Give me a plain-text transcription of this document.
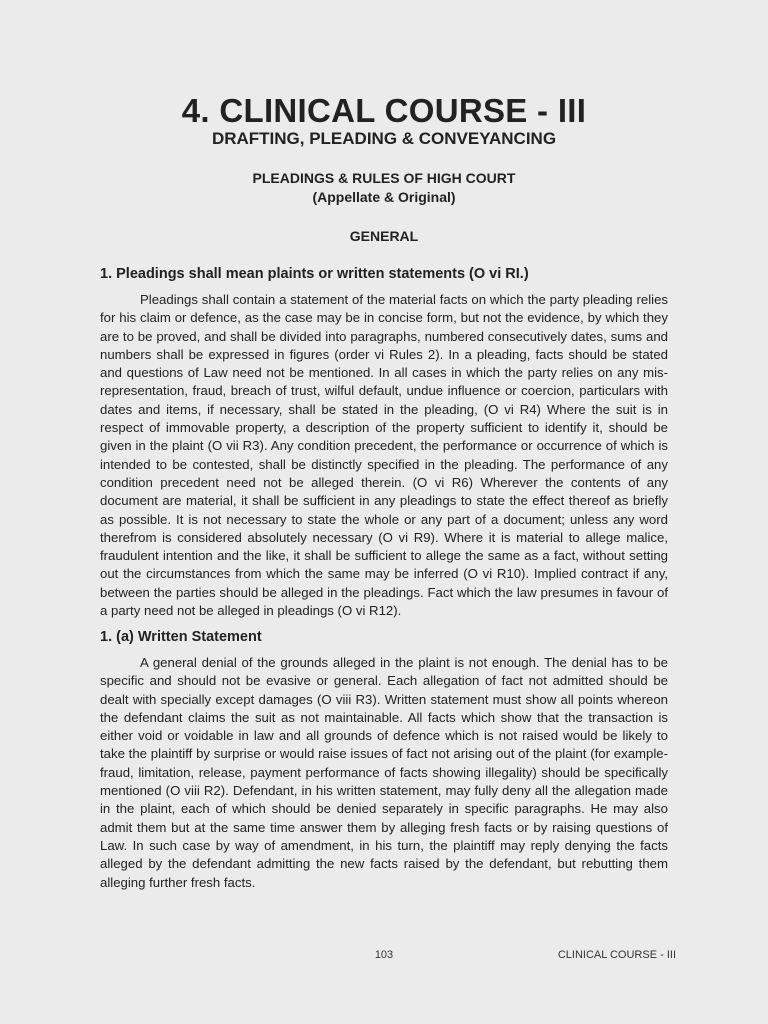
4. CLINICAL COURSE - III
DRAFTING, PLEADING & CONVEYANCING
PLEADINGS & RULES OF HIGH COURT
(Appellate & Original)
GENERAL
1. Pleadings shall mean plaints or written statements (O vi RI.)
Pleadings shall contain a statement of the material facts on which the party pleading relies for his claim or defence, as the case may be in concise form, but not the evidence, by which they are to be proved, and shall be divided into paragraphs, numbered consecutively dates, sums and numbers shall be expressed in figures (order vi Rules 2). In a pleading, facts should be stated and questions of Law need not be mentioned. In all cases in which the party relies on any mis-representation, fraud, breach of trust, wilful default, undue influence or coercion, particulars with dates and items, if necessary, shall be stated in the pleading, (O vi R4) Where the suit is in respect of immovable property, a description of the property sufficient to identify it, should be given in the plaint (O vii R3). Any condition precedent, the performance or occurrence of which is intended to be contested, shall be distinctly specified in the pleading. The performance of any condition precedent need not be alleged therein. (O vi R6) Wherever the contents of any document are material, it shall be sufficient in any pleadings to state the effect thereof as briefly as possible. It is not necessary to state the whole or any part of a document; unless any word therefrom is considered absolutely necessary (O vi R9). Where it is material to allege malice, fraudulent intention and the like, it shall be sufficient to allege the same as a fact, without setting out the circumstances from which the same may be inferred (O vi R10). Implied contract if any, between the parties should be alleged in the pleadings. Fact which the law presumes in favour of a party need not be alleged in pleadings (O vi R12).
1. (a) Written Statement
A general denial of the grounds alleged in the plaint is not enough. The denial has to be specific and should not be evasive or general. Each allegation of fact not admitted should be dealt with specially except damages (O viii R3). Written statement must show all points whereon the defendant claims the suit as not maintainable. All facts which show that the transaction is either void or voidable in law and all grounds of defence which is not raised would be likely to take the plaintiff by surprise or would raise issues of fact not arising out of the plaint (for example- fraud, limitation, release, payment performance of facts showing illegality) should be specifically mentioned (O viii R2). Defendant, in his written statement, may fully deny all the allegation made in the plaint, each of which should be denied separately in specific paragraphs. He may also admit them but at the same time answer them by alleging fresh facts or by raising questions of Law. In such case by way of amendment, in his turn, the plaintiff may reply denying the facts alleged by the defendant admitting the new facts raised by the defendant, but rebutting them alleging further fresh facts.
103	CLINICAL COURSE - III
